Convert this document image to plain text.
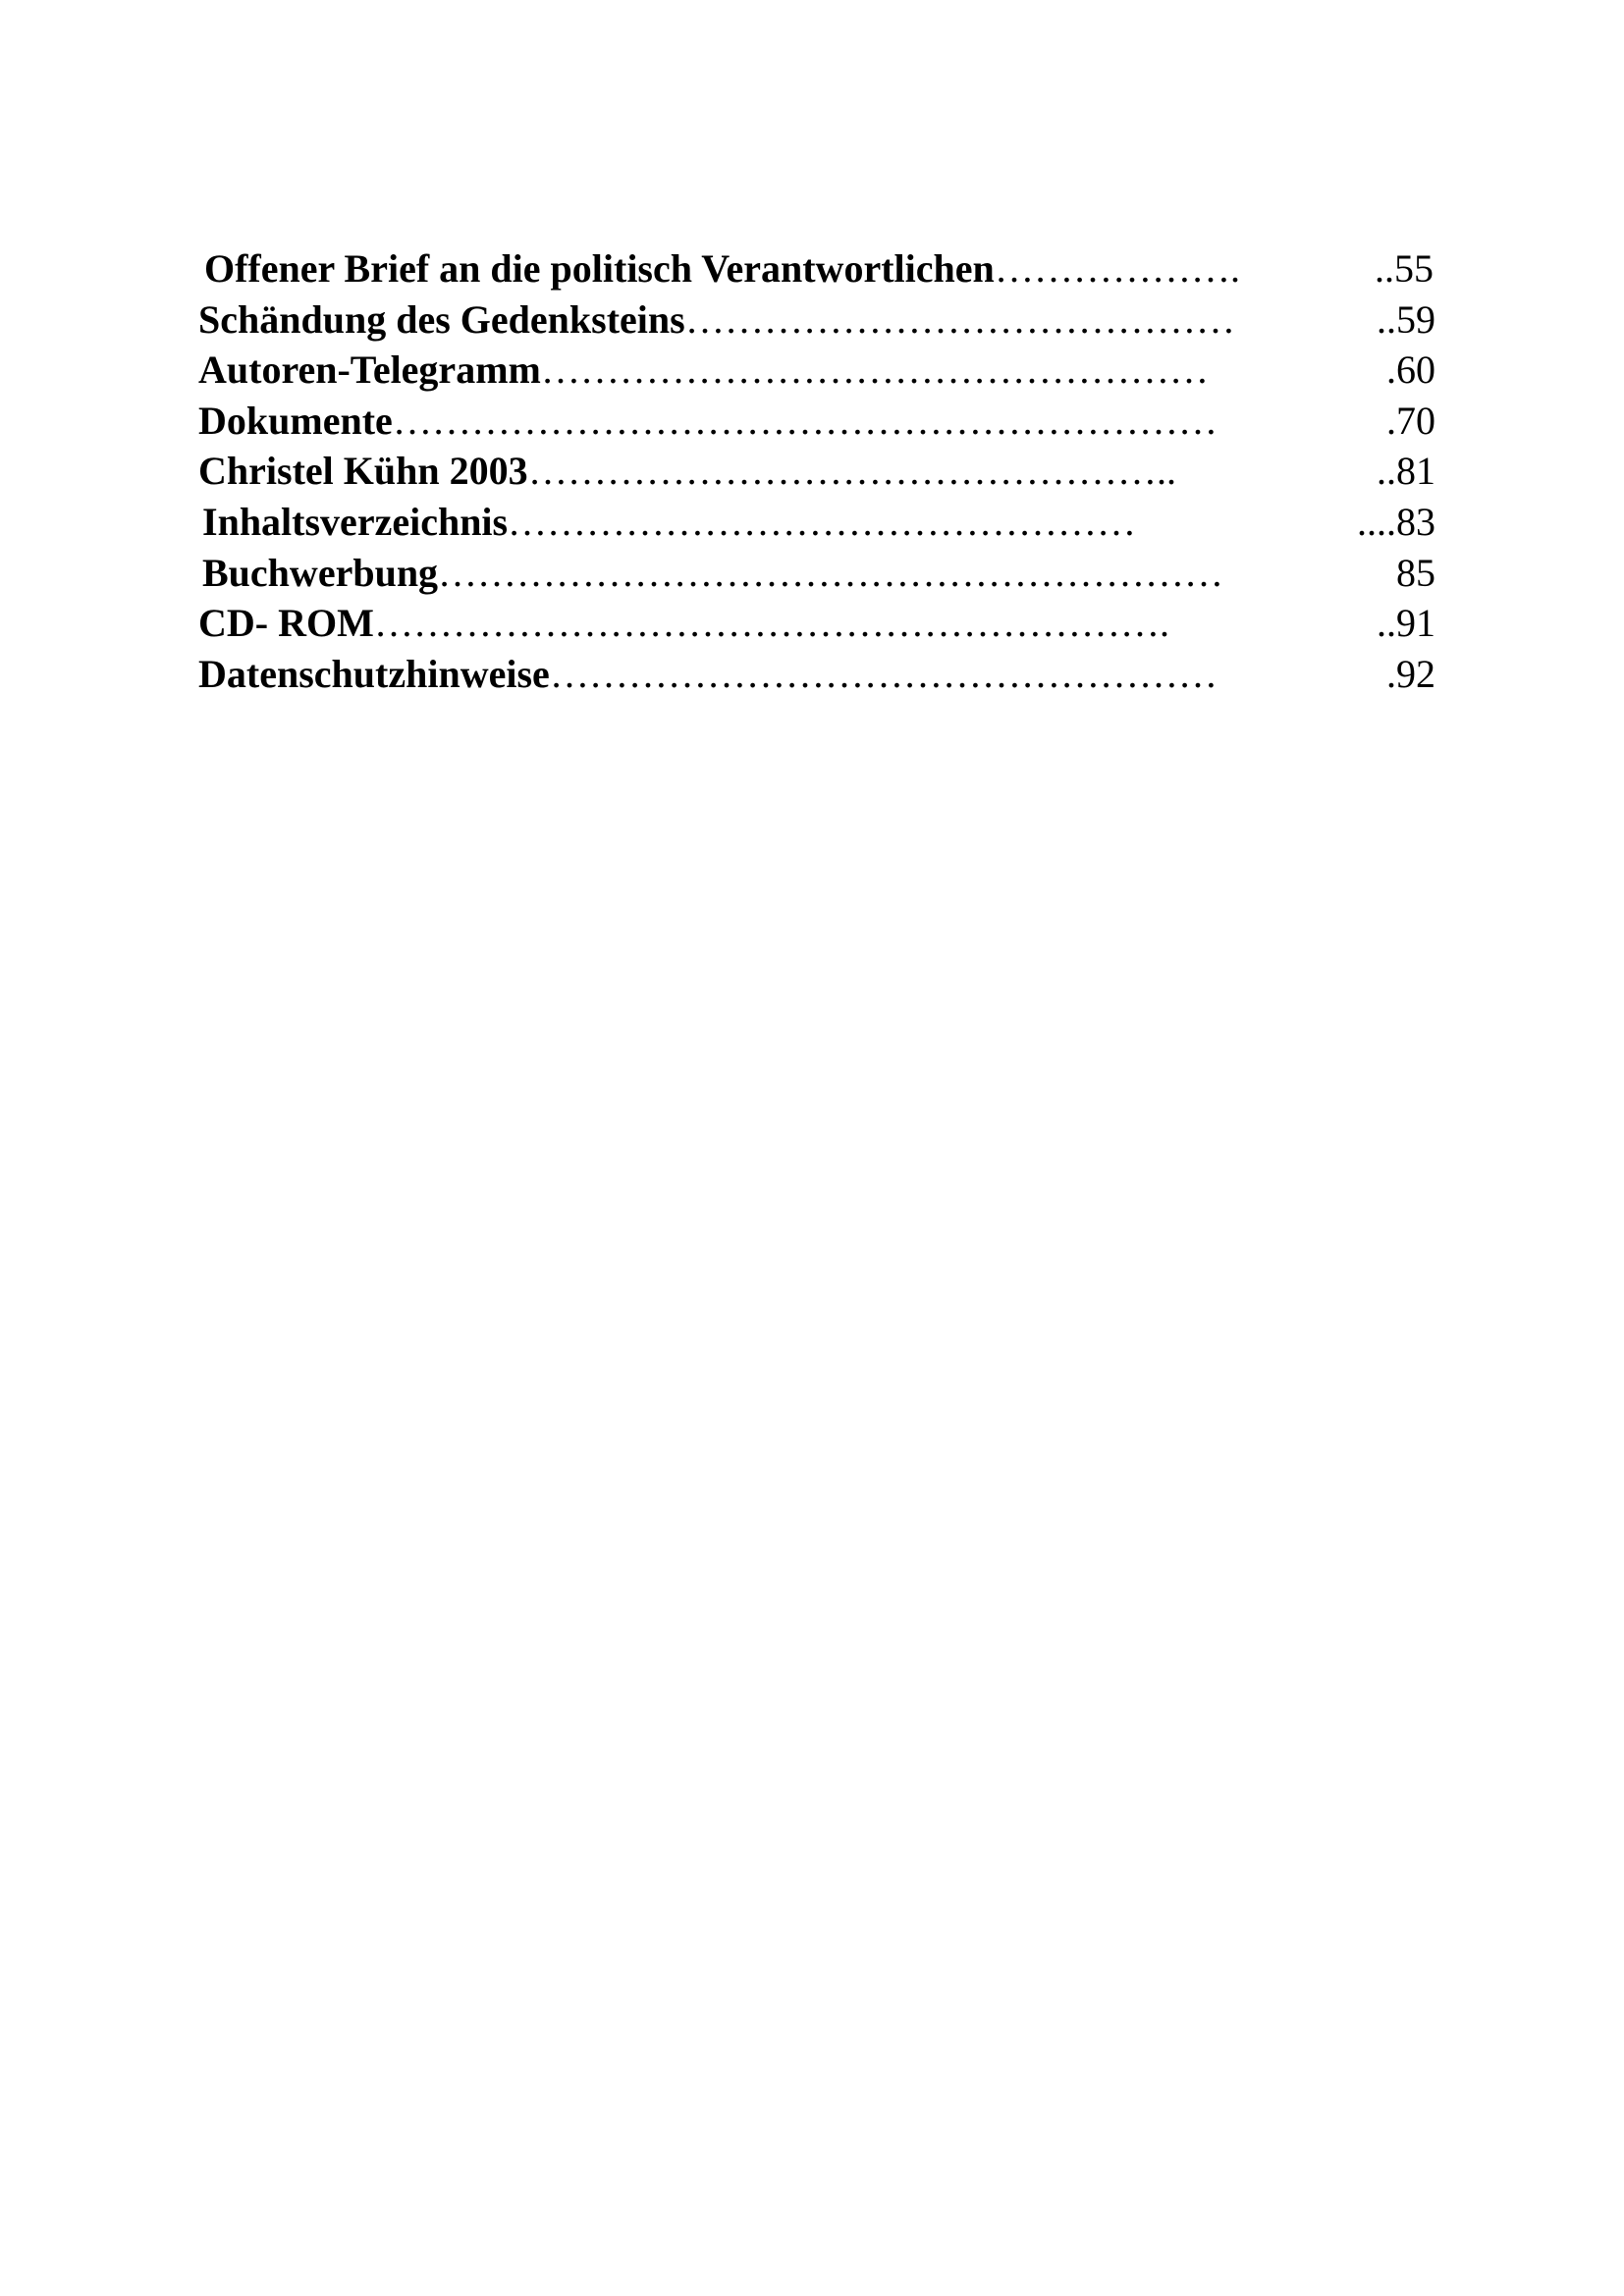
Offener Brief an die politisch Verantwortlichen ……………….	..55
Schändung des Gedenksteins ……………………………………	..59
Autoren-Telegramm ……………………………………………	.60
Dokumente ………………………………………………………	.70
Christel Kühn 2003 …………………………………………..	..81
Inhaltsverzeichnis …………………………………………	....83
Buchwerbung ……………………………………………………	85
CD- ROM …………………………………………………….	..91
Datenschutzhinweise ……………………………………………	.92
